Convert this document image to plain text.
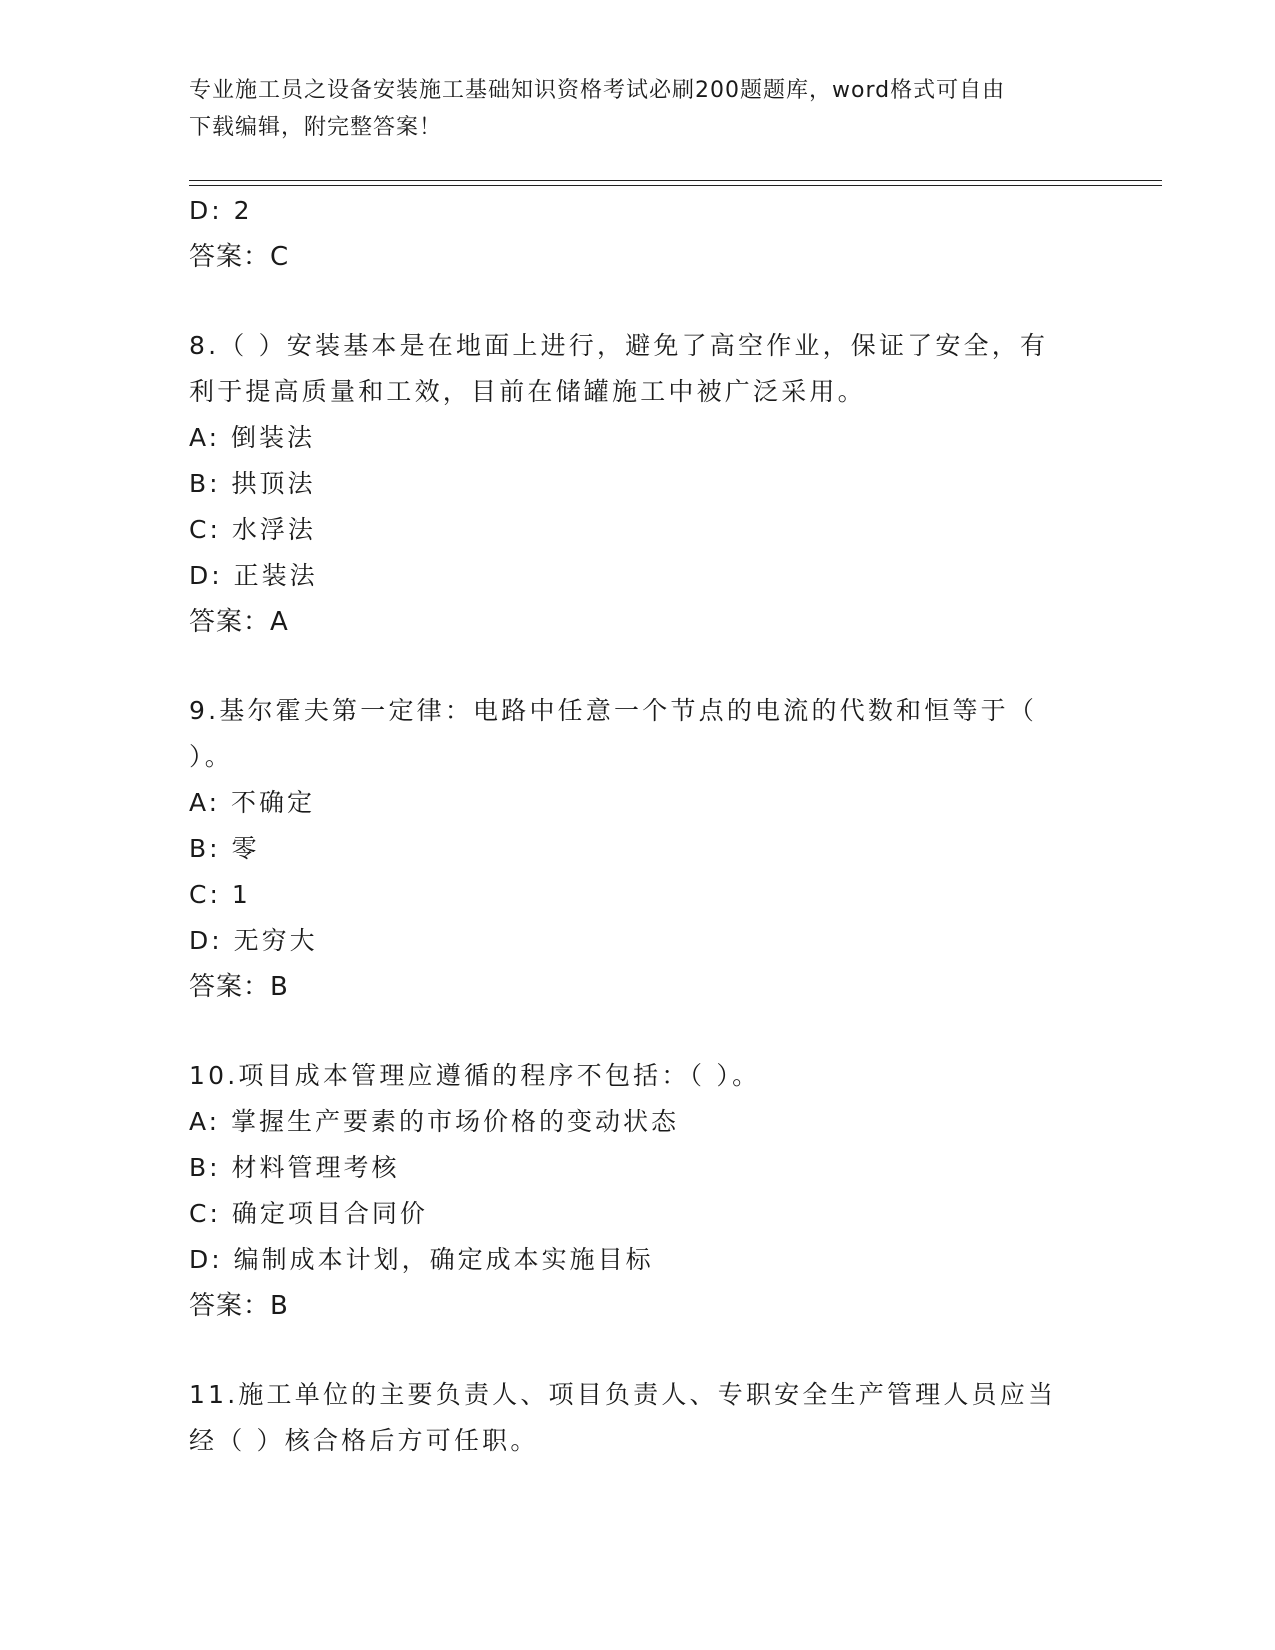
专业施工员之设备安装施工基础知识资格考试必刷200题题库，word格式可自由
下载编辑，附完整答案！
D: 2
答案：C
8.（ ）安装基本是在地面上进行，避免了高空作业，保证了安全，有
利于提高质量和工效，目前在储罐施工中被广泛采用。
A: 倒装法
B: 拱顶法
C: 水浮法
D: 正装法
答案：A
9.基尔霍夫第一定律：电路中任意一个节点的电流的代数和恒等于（
）。
A: 不确定
B: 零
C: 1
D: 无穷大
答案：B
10.项目成本管理应遵循的程序不包括：（ ）。
A: 掌握生产要素的市场价格的变动状态
B: 材料管理考核
C: 确定项目合同价
D: 编制成本计划，确定成本实施目标
答案：B
11.施工单位的主要负责人、项目负责人、专职安全生产管理人员应当
经（ ）核合格后方可任职。
